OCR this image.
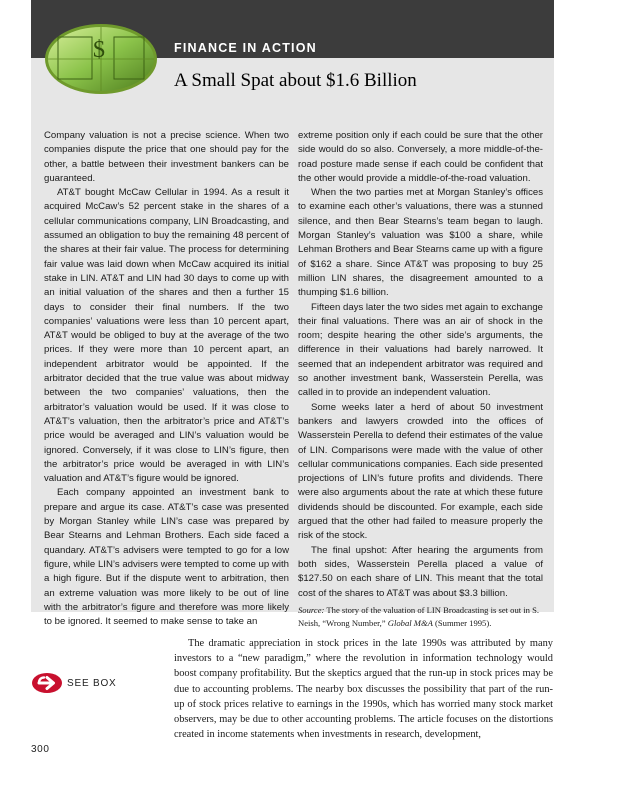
$	FINANCE IN ACTION
A Small Spat about $1.6 Billion

Company valuation is not a precise science. When two companies dispute the price that one should pay for the other, a battle between their investment bankers can be guaranteed.

AT&T bought McCaw Cellular in 1994. As a result it acquired McCaw’s 52 percent stake in the shares of a cellular communications company, LIN Broadcasting, and assumed an obligation to buy the remaining 48 percent of the shares at their fair value. The process for determining fair value was laid down when McCaw acquired its initial stake in LIN. AT&T and LIN had 30 days to come up with an initial valuation of the shares and then a further 15 days to consider their final numbers. If the two companies’ valuations were less than 10 percent apart, AT&T would be obliged to buy at the average of the two prices. If they were more than 10 percent apart, an independent arbitrator would be appointed. If the arbitrator decided that the true value was about midway between the two companies’ valuations, then the arbitrator’s valuation would be used. If it was close to AT&T’s valuation, then the arbitrator’s price and AT&T’s price would be averaged and LIN’s valuation would be ignored. Conversely, if it was close to LIN’s figure, then the arbitrator’s price would be averaged in with LIN’s valuation and AT&T’s figure would be ignored.

Each company appointed an investment bank to prepare and argue its case. AT&T’s case was presented by Morgan Stanley while LIN’s case was prepared by Bear Stearns and Lehman Brothers. Each side faced a quandary. AT&T’s advisers were tempted to go for a low figure, while LIN’s advisers were tempted to come up with a high figure. But if the dispute went to arbitration, then an extreme valuation was more likely to be out of line with the arbitrator’s figure and therefore was more likely to be ignored. It seemed to make sense to take an

extreme position only if each could be sure that the other side would do so also. Conversely, a more middle-of-the-road posture made sense if each could be confident that the other would provide a middle-of-the-road valuation.

When the two parties met at Morgan Stanley’s offices to examine each other’s valuations, there was a stunned silence, and then Bear Stearns’s team began to laugh. Morgan Stanley’s valuation was $100 a share, while Lehman Brothers and Bear Stearns came up with a figure of $162 a share. Since AT&T was proposing to buy 25 million LIN shares, the disagreement amounted to a thumping $1.6 billion.

Fifteen days later the two sides met again to exchange their final valuations. There was an air of shock in the room; despite hearing the other side’s arguments, the difference in their valuations had barely narrowed. It seemed that an independent arbitrator was required and so another investment bank, Wasserstein Perella, was called in to provide an independent valuation.

Some weeks later a herd of about 50 investment bankers and lawyers crowded into the offices of Wasserstein Perella to defend their estimates of the value of LIN. Comparisons were made with the value of other cellular communications companies. Each side presented projections of LIN’s future profits and dividends. There were also arguments about the rate at which these future dividends should be discounted. For example, each side argued that the other had failed to measure properly the risk of the stock.

The final upshot: After hearing the arguments from both sides, Wasserstein Perella placed a value of $127.50 on each share of LIN. This meant that the total cost of the shares to AT&T was about $3.3 billion.

Source: The story of the valuation of LIN Broadcasting is set out in S. Neish, “Wrong Number,” Global M&A (Summer 1995).

The dramatic appreciation in stock prices in the late 1990s was attributed by many investors to a “new paradigm,” where the revolution in information technology would boost company profitability. But the skeptics argued that the run-up in stock prices may be due to accounting problems. The nearby box discusses the possibility that part of the run-up of stock prices relative to earnings in the 1990s, which has worried many stock market observers, may be due to other accounting problems. The article focuses on the distortions created in income statements when investments in research, development,

SEE BOX
300
